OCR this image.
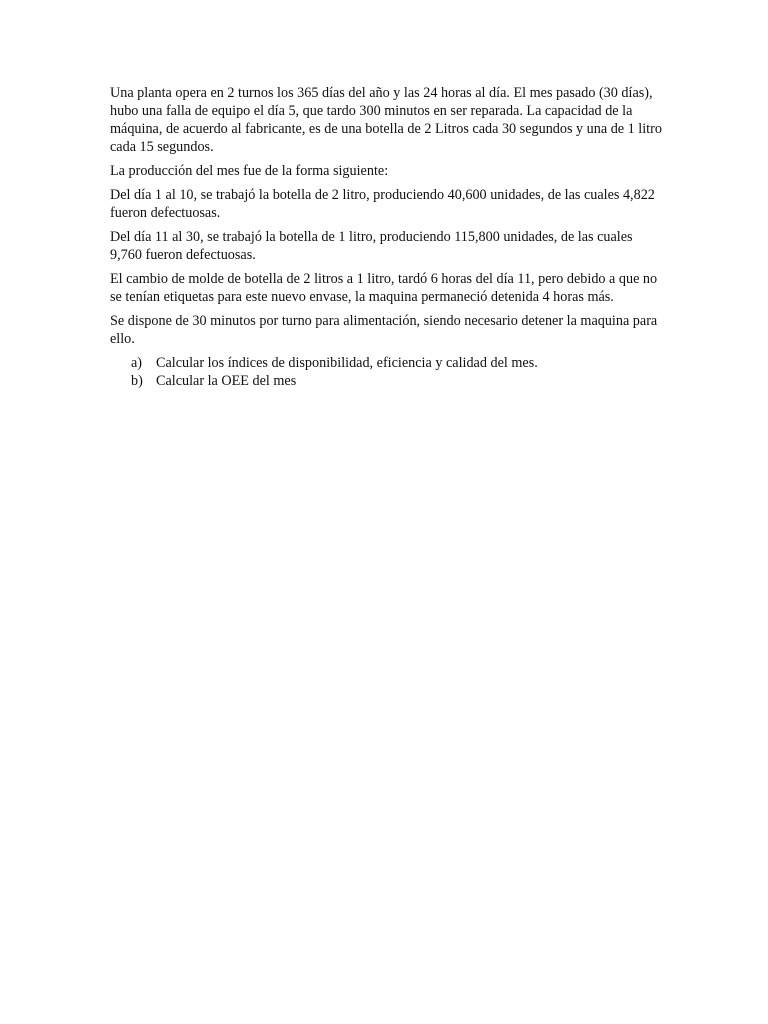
Una planta opera en 2 turnos los 365 días del año y las 24 horas al día. El mes pasado (30 días), hubo una falla de equipo el día 5, que tardo 300 minutos en ser reparada. La capacidad de la máquina, de acuerdo al fabricante, es de una botella de 2 Litros cada 30 segundos y una de 1 litro cada 15 segundos.

La producción del mes fue de la forma siguiente:

Del día 1 al 10, se trabajó la botella de 2 litro, produciendo 40,600 unidades, de las cuales 4,822 fueron defectuosas.

Del día 11 al 30, se trabajó la botella de 1 litro, produciendo 115,800 unidades, de las cuales 9,760 fueron defectuosas.

El cambio de molde de botella de 2 litros a 1 litro, tardó 6 horas del día 11, pero debido a que no se tenían etiquetas para este nuevo envase, la maquina permaneció detenida 4 horas más.

Se dispone de 30 minutos por turno para alimentación, siendo necesario detener la maquina para ello.

a) Calcular los índices de disponibilidad, eficiencia y calidad del mes.
b) Calcular la OEE del mes
